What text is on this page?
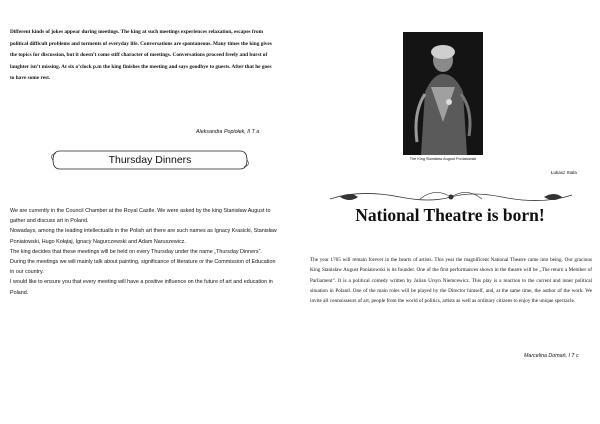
Different kinds of jokes appear during meetings. The king at such meetings experiences relaxation, escapes from political difficult problems and torments of everyday life. Conversations are spontaneous. Many times the king gives the topics for discussion, but it doesn’t come stiff character of meetings. Conversations proceed freely and burst of laughter isn’t missing. At six o’clock p.m the king finishes the meeting and says goodbye to guests. After that he goes to have some rest.
Aleksandra Popiołek, II T a
Thursday Dinners

We are currently in the Council Chamber at the Royal Castle. We were asked by the king Stanisław August to gather and discuss art in Poland.

Nowadays, among the leading intellectualls in the Polish art there are such names as Ignacy Krasicki, Stanisław Poniatowski, Hugo Kołątaj, Ignacy Nagurczewski and Adam Naruszewicz.

The king decides that these meetings will be held on every Thursday under the name „Thursday Dinners”.

During the meetings we will mainly talk about painting, significance of literature or the Commission of Education in our country.

I would like to ensure you that every meeting will have a positive influence on the future of art and education in Poland.

The King Stanisław August Poniatowski
Łukasz Stala
National Theatre is born!
The year 1765 will remain forever in the hearts of artists. This year the magnificent National Theatre came into being. Our gracious King Stanisław August Poniatowski is its founder. One of the first performances shown in the theatre will be „The return a Member of Parliament”. It is a political comedy written by Julian Ursyn Niemcewicz. This play is a reaction to the current and inner political situation in Poland. One of the main roles will be played by the Director himself, and, at the same time, the author of the work. We invite all connoisseurs of art, people from the world of politics, artists as well as ordinary citizens to enjoy the unique spectacle.
Marcelina Domań, I T c
